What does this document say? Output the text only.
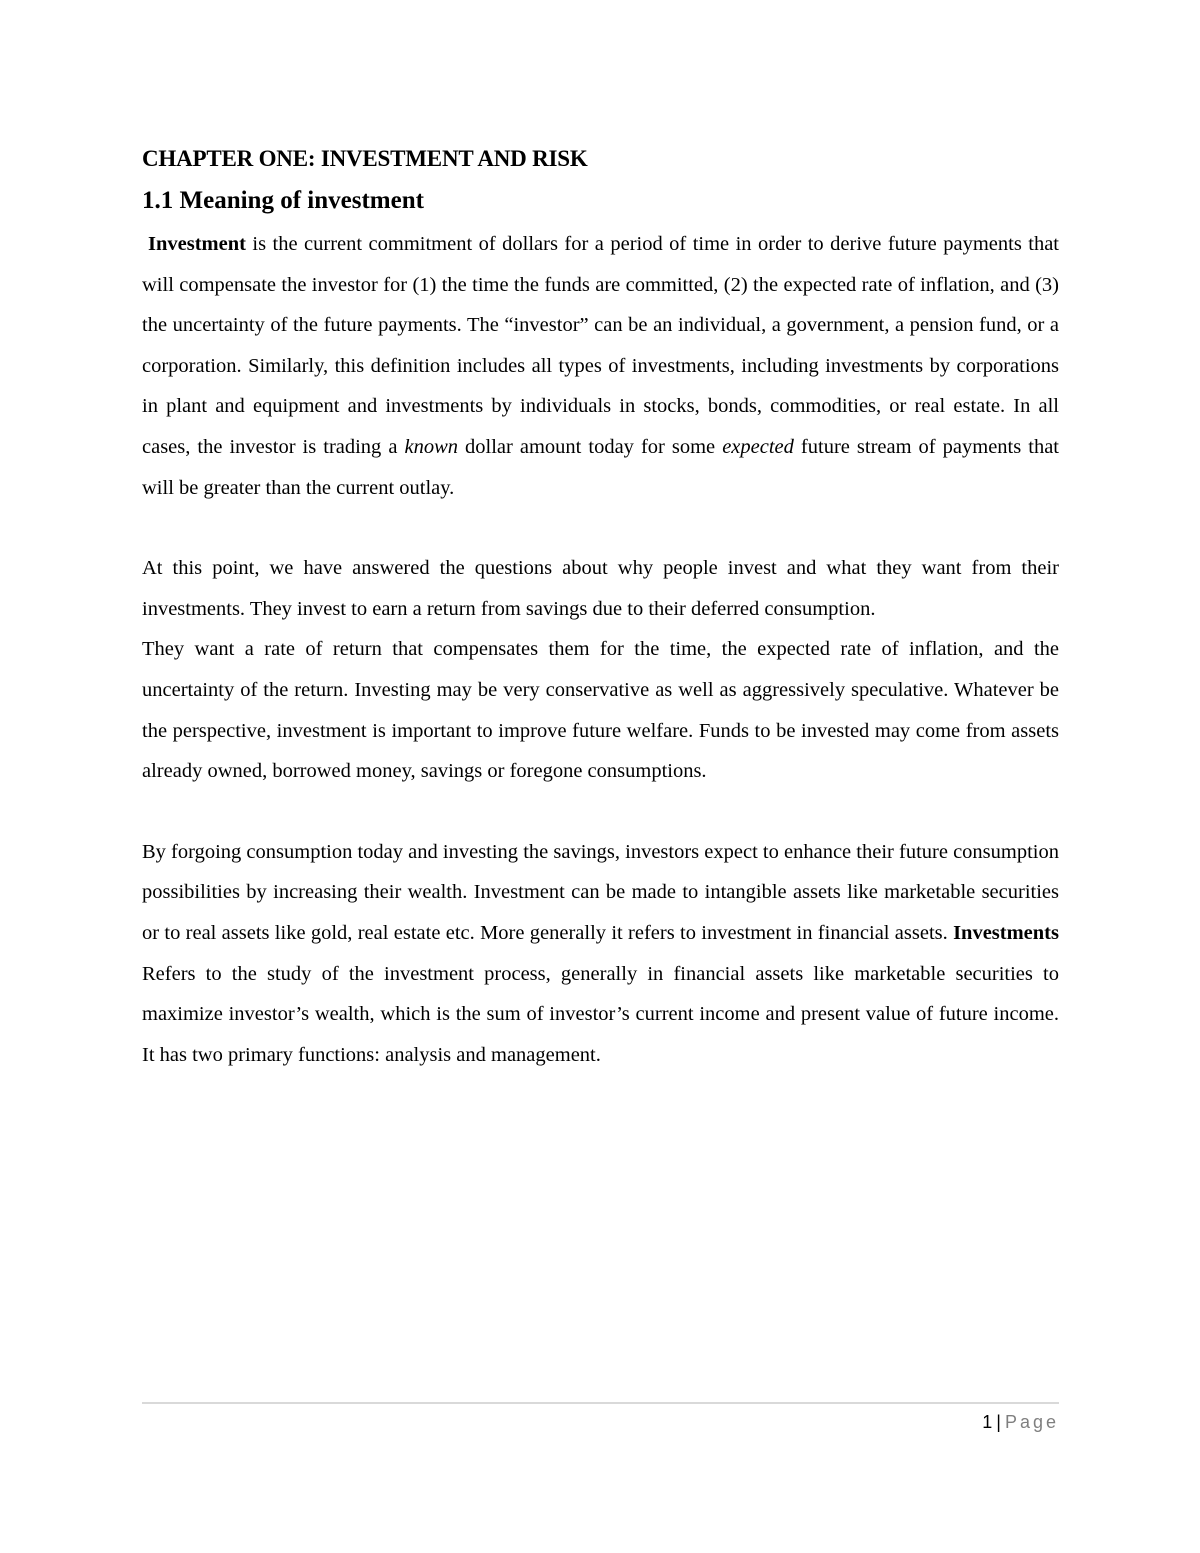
CHAPTER ONE: INVESTMENT AND RISK
1.1 Meaning of investment

Investment is the current commitment of dollars for a period of time in order to derive future payments that will compensate the investor for (1) the time the funds are committed, (2) the expected rate of inflation, and (3) the uncertainty of the future payments. The “investor” can be an individual, a government, a pension fund, or a corporation. Similarly, this definition includes all types of investments, including investments by corporations in plant and equipment and investments by individuals in stocks, bonds, commodities, or real estate. In all cases, the investor is trading a known dollar amount today for some expected future stream of payments that will be greater than the current outlay.

At this point, we have answered the questions about why people invest and what they want from their investments. They invest to earn a return from savings due to their deferred consumption.

They want a rate of return that compensates them for the time, the expected rate of inflation, and the uncertainty of the return. Investing may be very conservative as well as aggressively speculative. Whatever be the perspective, investment is important to improve future welfare. Funds to be invested may come from assets already owned, borrowed money, savings or foregone consumptions.

By forgoing consumption today and investing the savings, investors expect to enhance their future consumption possibilities by increasing their wealth. Investment can be made to intangible assets like marketable securities or to real assets like gold, real estate etc. More generally it refers to investment in financial assets. Investments Refers to the study of the investment process, generally in financial assets like marketable securities to maximize investor’s wealth, which is the sum of investor’s current income and present value of future income. It has two primary functions: analysis and management.

1 | Page
